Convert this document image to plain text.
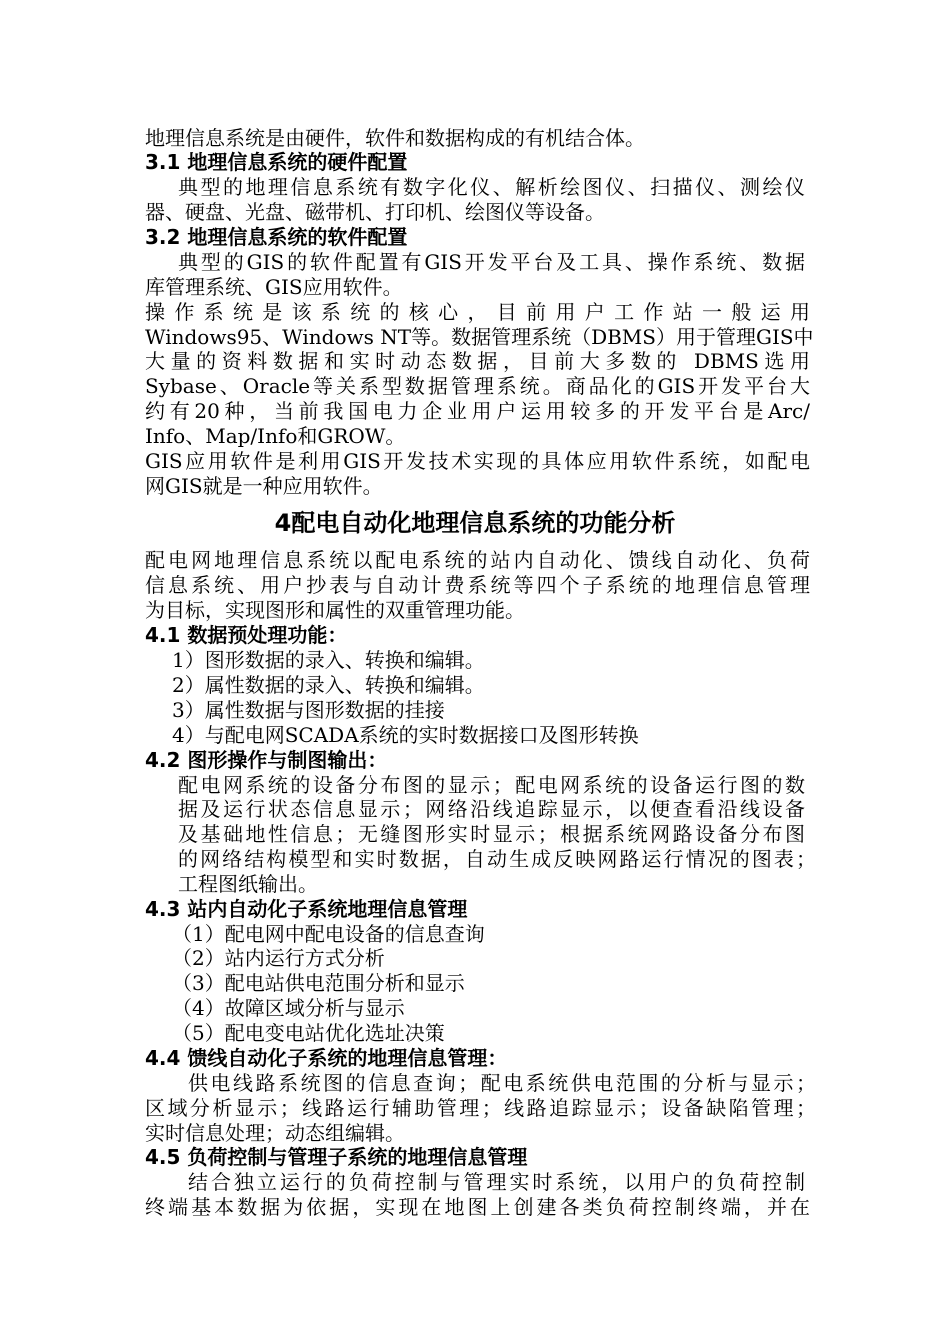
地理信息系统是由硬件，软件和数据构成的有机结合体。
3.1 地理信息系统的硬件配置
典型的地理信息系统有数字化仪、解析绘图仪、扫描仪、测绘仪
器、硬盘、光盘、磁带机、打印机、绘图仪等设备。
3.2 地理信息系统的软件配置
典型的GIS的软件配置有GIS开发平台及工具、操作系统、数据
库管理系统、GIS应用软件。
操 作 系 统 是 该 系 统 的 核 心 ， 目 前 用 户 工 作 站 一 般 运 用
Windows95、Windows NT等。数据管理系统（DBMS）用于管理GIS中
大量的资料数据和实时动态数据，目前大多数的 DBMS选用
Sybase、Oracle等关系型数据管理系统。商品化的GIS开发平台大
约有20种，当前我国电力企业用户运用较多的开发平台是Arc/
Info、Map/Info和GROW。
GIS应用软件是利用GIS开发技术实现的具体应用软件系统，如配电
网GIS就是一种应用软件。
4配电自动化地理信息系统的功能分析
配电网地理信息系统以配电系统的站内自动化、馈线自动化、负荷
信息系统、用户抄表与自动计费系统等四个子系统的地理信息管理
为目标，实现图形和属性的双重管理功能。
4.1 数据预处理功能：
1）图形数据的录入、转换和编辑。
2）属性数据的录入、转换和编辑。
3）属性数据与图形数据的挂接
4）与配电网SCADA系统的实时数据接口及图形转换
4.2 图形操作与制图输出：
配电网系统的设备分布图的显示；配电网系统的设备运行图的数
据及运行状态信息显示；网络沿线追踪显示，以便查看沿线设备
及基础地性信息；无缝图形实时显示；根据系统网路设备分布图
的网络结构模型和实时数据，自动生成反映网路运行情况的图表；
工程图纸输出。
4.3 站内自动化子系统地理信息管理
（1）配电网中配电设备的信息查询
（2）站内运行方式分析
（3）配电站供电范围分析和显示
（4）故障区域分析与显示
（5）配电变电站优化选址决策
4.4 馈线自动化子系统的地理信息管理：
供电线路系统图的信息查询；配电系统供电范围的分析与显示；
区域分析显示；线路运行辅助管理；线路追踪显示；设备缺陷管理；
实时信息处理；动态组编辑。
4.5 负荷控制与管理子系统的地理信息管理
结合独立运行的负荷控制与管理实时系统，以用户的负荷控制
终端基本数据为依据，实现在地图上创建各类负荷控制终端，并在
